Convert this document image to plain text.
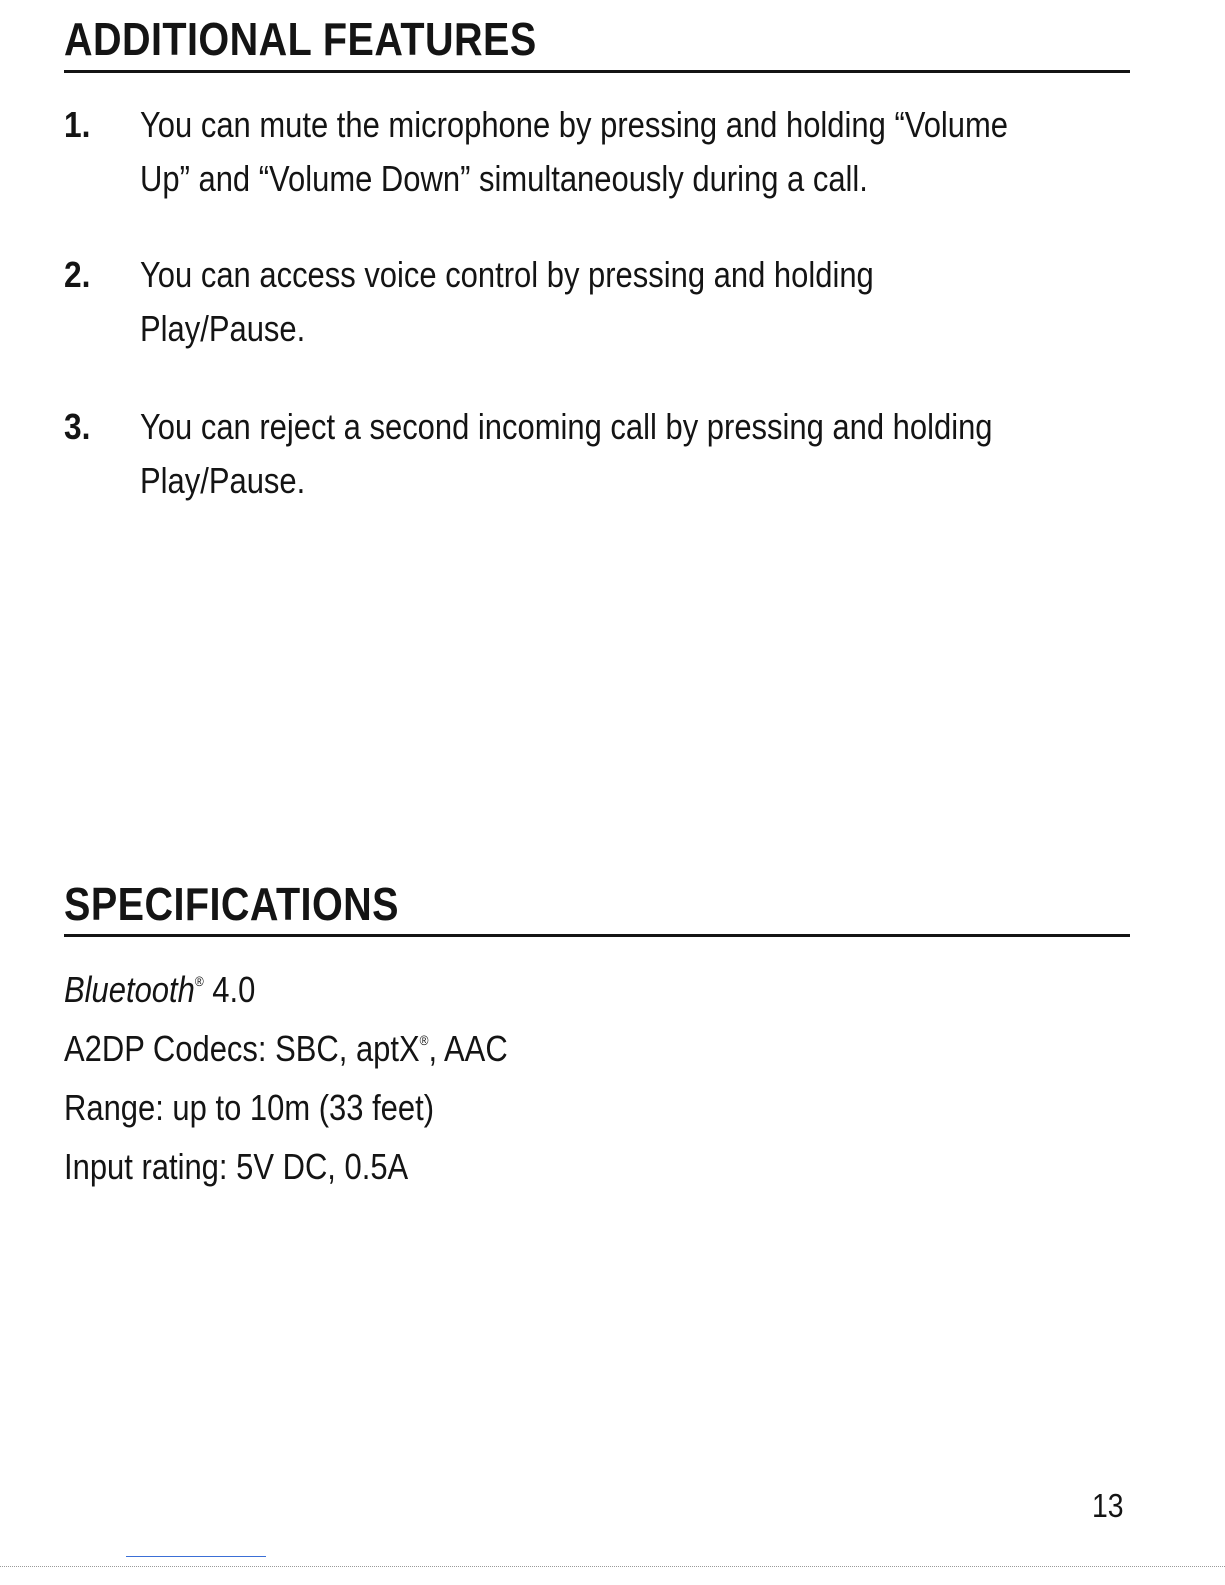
ADDITIONAL FEATURES
1. You can mute the microphone by pressing and holding “Volume
Up” and “Volume Down” simultaneously during a call.
2. You can access voice control by pressing and holding
Play/Pause.
3. You can reject a second incoming call by pressing and holding
Play/Pause.
SPECIFICATIONS
Bluetooth® 4.0
A2DP Codecs: SBC, aptX®, AAC
Range: up to 10m (33 feet)
Input rating: 5V DC, 0.5A
13
